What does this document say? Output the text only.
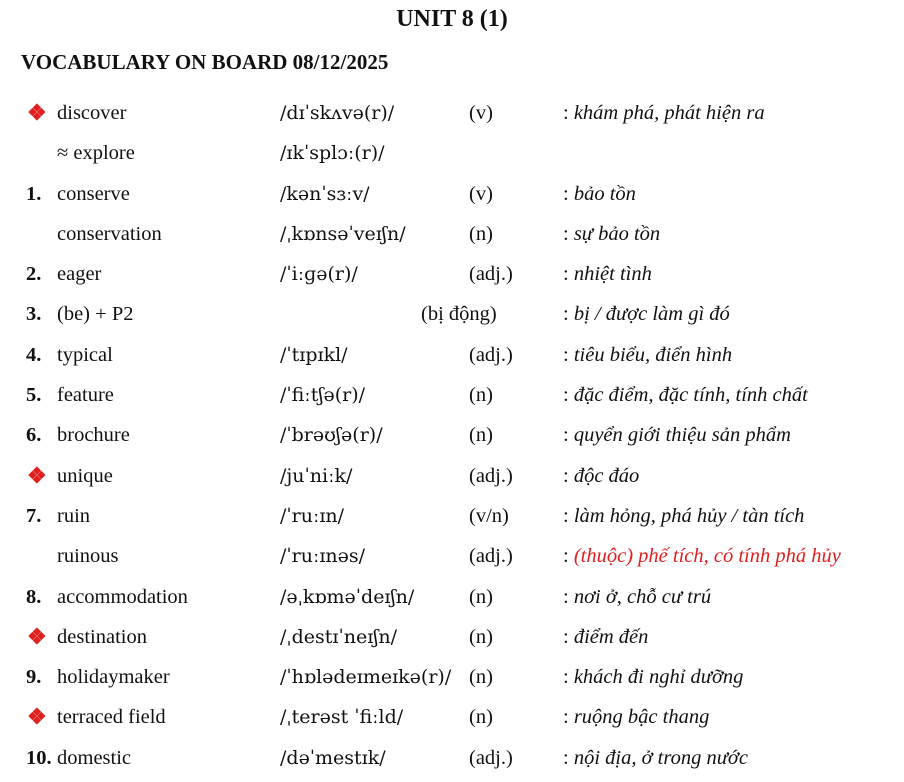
UNIT 8 (1)
VOCABULARY ON BOARD 08/12/2025
❖ discover	/dɪˈskʌvə(r)/	(v)	: khám phá, phát hiện ra
≈ explore	/ɪkˈsplɔː(r)/
1. conserve	/kənˈsɜːv/	(v)	: bảo tồn
conservation	/ˌkɒnsəˈveɪʃn/	(n)	: sự bảo tồn
2. eager	/ˈiːɡə(r)/	(adj.) : nhiệt tình
3. (be) + P2	(bị động)	: bị / được làm gì đó
4. typical	/ˈtɪpɪkl/	(adj.) : tiêu biểu, điển hình
5. feature	/ˈfiːtʃə(r)/	(n)	: đặc điểm, đặc tính, tính chất
6. brochure	/ˈbrəʊʃə(r)/	(n)	: quyển giới thiệu sản phẩm
❖ unique	/juˈniːk/	(adj.) : độc đáo
7. ruin	/ˈruːɪn/	(v/n)	: làm hỏng, phá hủy / tàn tích
ruinous	/ˈruːɪnəs/	(adj.) : (thuộc) phế tích, có tính phá hủy
8. accommodation	/əˌkɒməˈdeɪʃn/	(n)	: nơi ở, chỗ cư trú
❖ destination	/ˌdestɪˈneɪʃn/	(n)	: điểm đến
9. holidaymaker	/ˈhɒlədeɪmeɪkə(r)/ (n)	: khách đi nghỉ dưỡng
❖ terraced field	/ˌterəst ˈfiːld/	(n)	: ruộng bậc thang
10. domestic	/dəˈmestɪk/	(adj.) : nội địa, ở trong nước
